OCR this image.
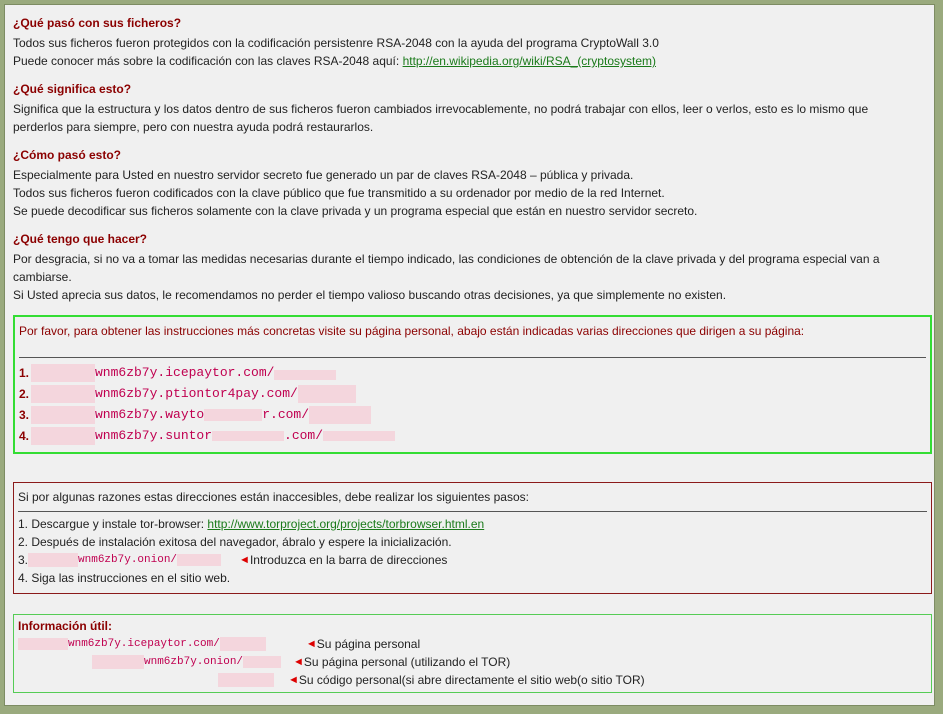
¿Qué pasó con sus ficheros?

Todos sus ficheros fueron protegidos con la codificación persistenre RSA-2048 con la ayuda del programa CryptoWall 3.0

Puede conocer más sobre la codificación con las claves RSA-2048 aquí: http://en.wikipedia.org/wiki/RSA_(cryptosystem)

¿Qué significa esto?

Significa que la estructura y los datos dentro de sus ficheros fueron cambiados irrevocablemente, no podrá trabajar con ellos, leer o verlos, esto es lo mismo que

perderlos para siempre, pero con nuestra ayuda podrá restaurarlos.

¿Cómo pasó esto?

Especialmente para Usted en nuestro servidor secreto fue generado un par de claves RSA-2048 – pública y privada.

Todos sus ficheros fueron codificados con la clave público que fue transmitido a su ordenador por medio de la red Internet.

Se puede decodificar sus ficheros solamente con la clave privada y un programa especial que están en nuestro servidor secreto.

¿Qué tengo que hacer?

Por desgracia, si no va a tomar las medidas necesarias durante el tiempo indicado, las condiciones de obtención de la clave privada y del programa especial van a

cambiarse.

Si Usted aprecia sus datos, le recomendamos no perder el tiempo valioso buscando otras decisiones, ya que simplemente no existen.

Por favor, para obtener las instrucciones más concretas visite su página personal, abajo están indicadas varias direcciones que dirigen a su página:

1.	wnm6zb7y.icepaytor.com/
2.	wnm6zb7y.ptiontor4pay.com/
3.	wnm6zb7y.wayto	r.com/
4.	wnm6zb7y.suntor	.com/
Si por algunas razones estas direcciones están inaccesibles, debe realizar los siguientes pasos:
1. Descargue y instale tor-browser: http://www.torproject.org/projects/torbrowser.html.en
2. Después de instalación exitosa del navegador, ábralo y espere la inicialización.
3.	wnm6zb7y.onion/	◄ Introduzca en la barra de direcciones
4. Siga las instrucciones en el sitio web.
Información útil:
wnm6zb7y.icepaytor.com/	◄ Su página personal
wnm6zb7y.onion/	◄ Su página personal (utilizando el TOR)
◄ Su código personal(si abre directamente el sitio web(o sitio TOR)
